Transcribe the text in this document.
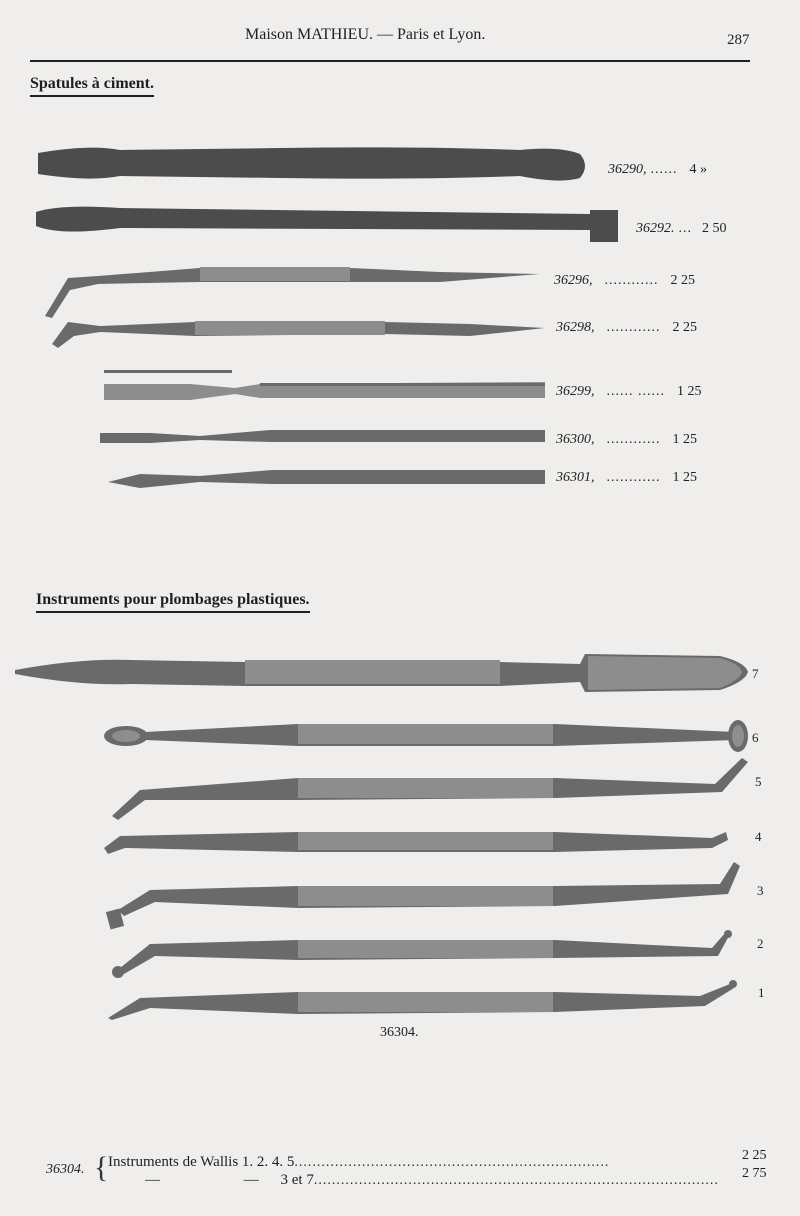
Maison MATHIEU. — Paris et Lyon.	287
Spatules à ciment.
36290, ...... 4 »
36292. ... 2 50
36296, ............ 2 25
36298, ............ 2 25
36299, ...... ...... 1 25
36300, ............ 1 25
36301, ............ 1 25
Instruments pour plombages plastiques.
7
6
5
4
3
2
1
36304.
36304. { Instruments de Wallis 1. 2. 4. 5......................................................................	2 25
—	— 3 et 7..........................................................................................	2 75
